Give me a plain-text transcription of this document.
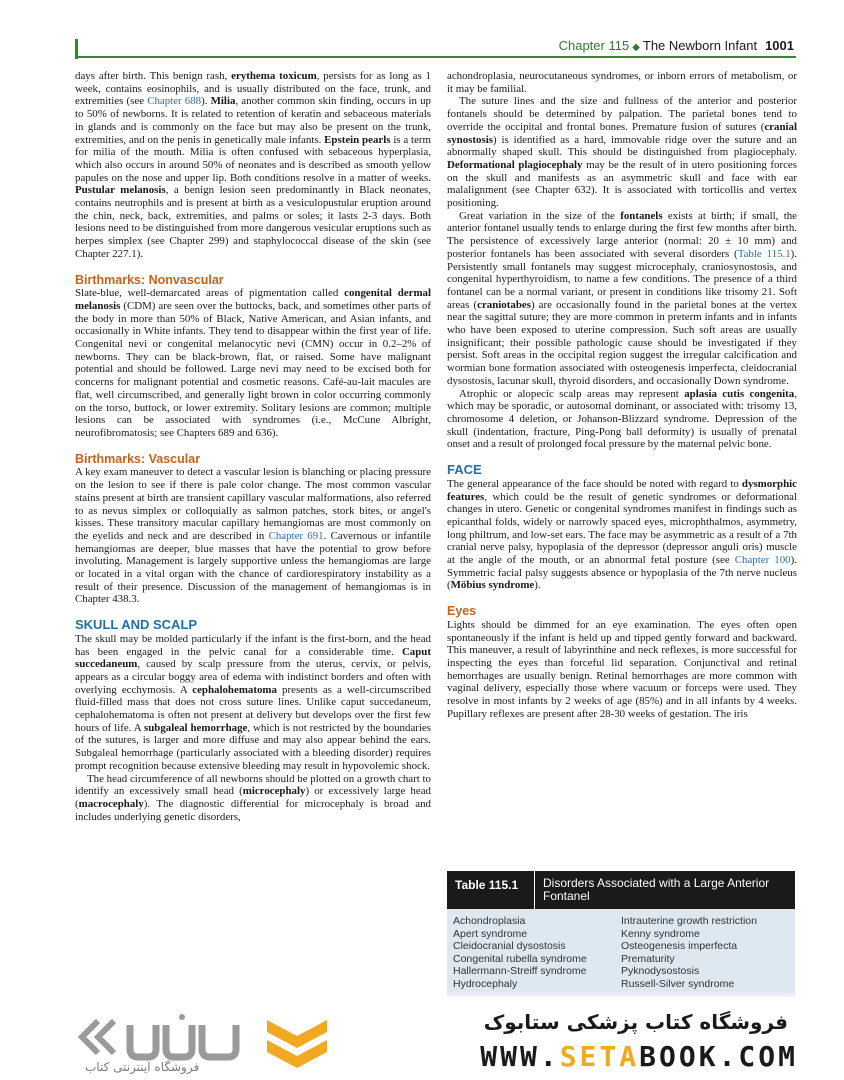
Chapter 115 ◆ The Newborn Infant 1001

days after birth. This benign rash, erythema toxicum, persists for as long as 1 week, contains eosinophils, and is usually distributed on the face, trunk, and extremities (see Chapter 688). Milia, another common skin finding, occurs in up to 50% of newborns. It is related to retention of keratin and sebaceous materials in glands and is commonly on the face but may also be present on the trunk, extremities, and on the penis in genetically male infants. Epstein pearls is a term for milia of the mouth. Milia is often confused with sebaceous hyperplasia, which also occurs in around 50% of neonates and is described as smooth yellow papules on the nose and upper lip. Both conditions resolve in a matter of weeks. Pustular melanosis, a benign lesion seen predominantly in Black neonates, contains neutrophils and is present at birth as a vesiculopustular eruption around the chin, neck, back, extremities, and palms or soles; it lasts 2-3 days. Both lesions need to be distinguished from more dangerous vesicular eruptions such as herpes simplex (see Chapter 299) and staphylococcal disease of the skin (see Chapter 227.1).

Birthmarks: Nonvascular

Slate-blue, well-demarcated areas of pigmentation called congenital dermal melanosis (CDM) are seen over the buttocks, back, and sometimes other parts of the body in more than 50% of Black, Native American, and Asian infants, and occasionally in White infants. They tend to disappear within the first year of life. Congenital nevi or congenital melanocytic nevi (CMN) occur in 0.2–2% of newborns. They can be black-brown, flat, or raised. Some have malignant potential and should be followed. Large nevi may need to be excised both for concerns for malignant potential and cosmetic reasons. Café-au-lait macules are flat, well circumscribed, and generally light brown in color occurring commonly on the torso, buttock, or lower extremity. Solitary lesions are common; multiple lesions can be associated with syndromes (i.e., McCune Albright, neurofibromatosis; see Chapters 689 and 636).

Birthmarks: Vascular

A key exam maneuver to detect a vascular lesion is blanching or placing pressure on the lesion to see if there is pale color change. The most common vascular stains present at birth are transient capillary vascular malformations, also referred to as nevus simplex or colloquially as salmon patches, stork bites, or angel's kisses. These transitory macular capillary hemangiomas are most commonly on the eyelids and neck and are described in Chapter 691. Cavernous or infantile hemangiomas are deeper, blue masses that have the potential to grow before involuting. Management is largely supportive unless the hemangiomas are large or located in a vital organ with the chance of cardiorespiratory instability as a result of their presence. Discussion of the management of hemangiomas is in Chapter 438.3.

SKULL AND SCALP

The skull may be molded particularly if the infant is the first-born, and the head has been engaged in the pelvic canal for a considerable time. Caput succedaneum, caused by scalp pressure from the uterus, cervix, or pelvis, appears as a circular boggy area of edema with indistinct borders and often with overlying ecchymosis. A cephalohematoma presents as a well-circumscribed fluid-filled mass that does not cross suture lines. Unlike caput succedaneum, cephalohematoma is often not present at delivery but develops over the first few hours of life. A subgaleal hemorrhage, which is not restricted by the boundaries of the sutures, is larger and more diffuse and may also appear behind the ears. Subgaleal hemorrhage (particularly associated with a bleeding disorder) requires prompt recognition because extensive bleeding may result in hypovolemic shock.

The head circumference of all newborns should be plotted on a growth chart to identify an excessively small head (microcephaly) or excessively large head (macrocephaly). The diagnostic differential for microcephaly is broad and includes underlying genetic disorders,

achondroplasia, neurocutaneous syndromes, or inborn errors of metabolism, or it may be familial.

The suture lines and the size and fullness of the anterior and posterior fontanels should be determined by palpation. The parietal bones tend to override the occipital and frontal bones. Premature fusion of sutures (cranial synostosis) is identified as a hard, immovable ridge over the suture and an abnormally shaped skull. This should be distinguished from plagiocephaly. Deformational plagiocephaly may be the result of in utero positioning forces on the skull and manifests as an asymmetric skull and face with ear malalignment (see Chapter 632). It is associated with torticollis and vertex positioning.

Great variation in the size of the fontanels exists at birth; if small, the anterior fontanel usually tends to enlarge during the first few months after birth. The persistence of excessively large anterior (normal: 20 ± 10 mm) and posterior fontanels has been associated with several disorders (Table 115.1). Persistently small fontanels may suggest microcephaly, craniosynostosis, and congenital hyperthyroidism, to name a few conditions. The presence of a third fontanel can be a normal variant, or present in conditions like trisomy 21. Soft areas (craniotabes) are occasionally found in the parietal bones at the vertex near the sagittal suture; they are more common in preterm infants and in infants who have been exposed to uterine compression. Such soft areas are usually insignificant; their possible pathologic cause should be investigated if they persist. Soft areas in the occipital region suggest the irregular calcification and wormian bone formation associated with osteogenesis imperfecta, cleidocranial dysostosis, lacunar skull, thyroid disorders, and occasionally Down syndrome.

Atrophic or alopecic scalp areas may represent aplasia cutis congenita, which may be sporadic, or autosomal dominant, or associated with: trisomy 13, chromosome 4 deletion, or Johanson-Blizzard syndrome. Depression of the skull (indentation, fracture, Ping-Pong ball deformity) is usually of prenatal onset and a result of prolonged focal pressure by the maternal pelvic bone.

FACE

The general appearance of the face should be noted with regard to dysmorphic features, which could be the result of genetic syndromes or deformational changes in utero. Genetic or congenital syndromes manifest in findings such as epicanthal folds, widely or narrowly spaced eyes, microphthalmos, asymmetry, long philtrum, and low-set ears. The face may be asymmetric as a result of a 7th cranial nerve palsy, hypoplasia of the depressor (depressor anguli oris) muscle at the angle of the mouth, or an abnormal fetal posture (see Chapter 100). Symmetric facial palsy suggests absence or hypoplasia of the 7th nerve nucleus (Möbius syndrome).

Eyes

Lights should be dimmed for an eye examination. The eyes often open spontaneously if the infant is held up and tipped gently forward and backward. This maneuver, a result of labyrinthine and neck reflexes, is more successful for inspecting the eyes than forceful lid separation. Conjunctival and retinal hemorrhages are usually benign. Retinal hemorrhages are more common with vaginal delivery, especially those where vacuum or forceps were used. They resolve in most infants by 2 weeks of age (85%) and in all infants by 4 weeks. Pupillary reflexes are present after 28-30 weeks of gestation. The iris

Table 115.1	Disorders Associated with a Large Anterior Fontanel
Achondroplasia
Apert syndrome
Cleidocranial dysostosis
Congenital rubella syndrome
Hallermann-Streiff syndrome
Hydrocephaly
Intrauterine growth restriction
Kenny syndrome
Osteogenesis imperfecta
Prematurity
Pyknodysostosis
Russell-Silver syndrome
فروشگاه اینترنتی کتاب
فروشگاه کتاب پزشکی ستابوک
WWW.SETABOOK.COM
